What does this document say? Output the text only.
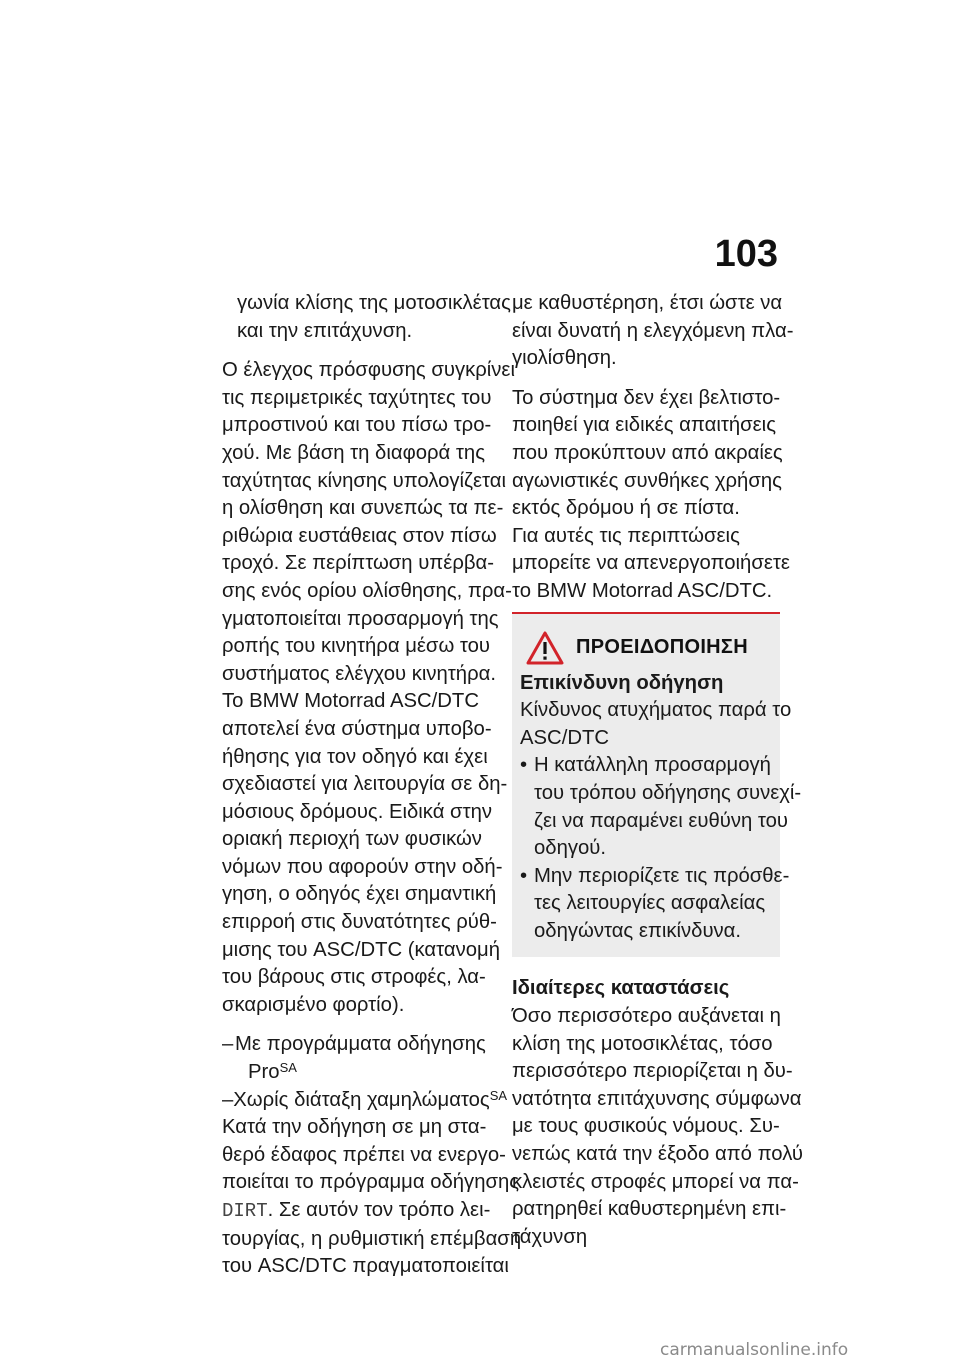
103
γωνία κλίσης της μοτοσικλέτας
και την επιτάχυνση.
Ο έλεγχος πρόσφυσης συγκρίνει
τις περιμετρικές ταχύτητες του
μπροστινού και του πίσω τρο-
χού. Με βάση τη διαφορά της
ταχύτητας κίνησης υπολογίζεται
η ολίσθηση και συνεπώς τα πε-
ριθώρια ευστάθειας στον πίσω
τροχό. Σε περίπτωση υπέρβα-
σης ενός ορίου ολίσθησης, πρα-
γματοποιείται προσαρμογή της
ροπής του κινητήρα μέσω του
συστήματος ελέγχου κινητήρα.
Το BMW Motorrad ASC/DTC
αποτελεί ένα σύστημα υποβο-
ήθησης για τον οδηγό και έχει
σχεδιαστεί για λειτουργία σε δη-
μόσιους δρόμους. Ειδικά στην
οριακή περιοχή των φυσικών
νόμων που αφορούν στην οδή-
γηση, ο οδηγός έχει σημαντική
επιρροή στις δυνατότητες ρύθ-
μισης του ASC/DTC (κατανομή
του βάρους στις στροφές, λα-
σκαρισμένο φορτίο).
– Με προγράμματα οδήγησης
Pro$^{SA}$
– Χωρίς διάταξη χαμηλώματος$^{SA}$
Κατά την οδήγηση σε μη στα-
θερό έδαφος πρέπει να ενεργο-
ποιείται το πρόγραμμα οδήγησης
DIRT. Σε αυτόν τον τρόπο λει-
τουργίας, η ρυθμιστική επέμβαση
του ASC/DTC πραγματοποιείται
με καθυστέρηση, έτσι ώστε να
είναι δυνατή η ελεγχόμενη πλα-
γιολίσθηση.
Το σύστημα δεν έχει βελτιστο-
ποιηθεί για ειδικές απαιτήσεις
που προκύπτουν από ακραίες
αγωνιστικές συνθήκες χρήσης
εκτός δρόμου ή σε πίστα.
Για αυτές τις περιπτώσεις
μπορείτε να απενεργοποιήσετε
το BMW Motorrad ASC/DTC.
ΠΡΟΕΙΔΟΠΟΙΗΣΗ
Επικίνδυνη οδήγηση
Κίνδυνος ατυχήματος παρά το
ASC/DTC
• Η κατάλληλη προσαρμογή
του τρόπου οδήγησης συνεχί-
ζει να παραμένει ευθύνη του
οδηγού.
• Μην περιορίζετε τις πρόσθε-
τες λειτουργίες ασφαλείας
οδηγώντας επικίνδυνα.
Ιδιαίτερες καταστάσεις
Όσο περισσότερο αυξάνεται η
κλίση της μοτοσικλέτας, τόσο
περισσότερο περιορίζεται η δυ-
νατότητα επιτάχυνσης σύμφωνα
με τους φυσικούς νόμους. Συ-
νεπώς κατά την έξοδο από πολύ
κλειστές στροφές μπορεί να πα-
ρατηρηθεί καθυστερημένη επι-
τάχυνση
carmanualsonline.info
